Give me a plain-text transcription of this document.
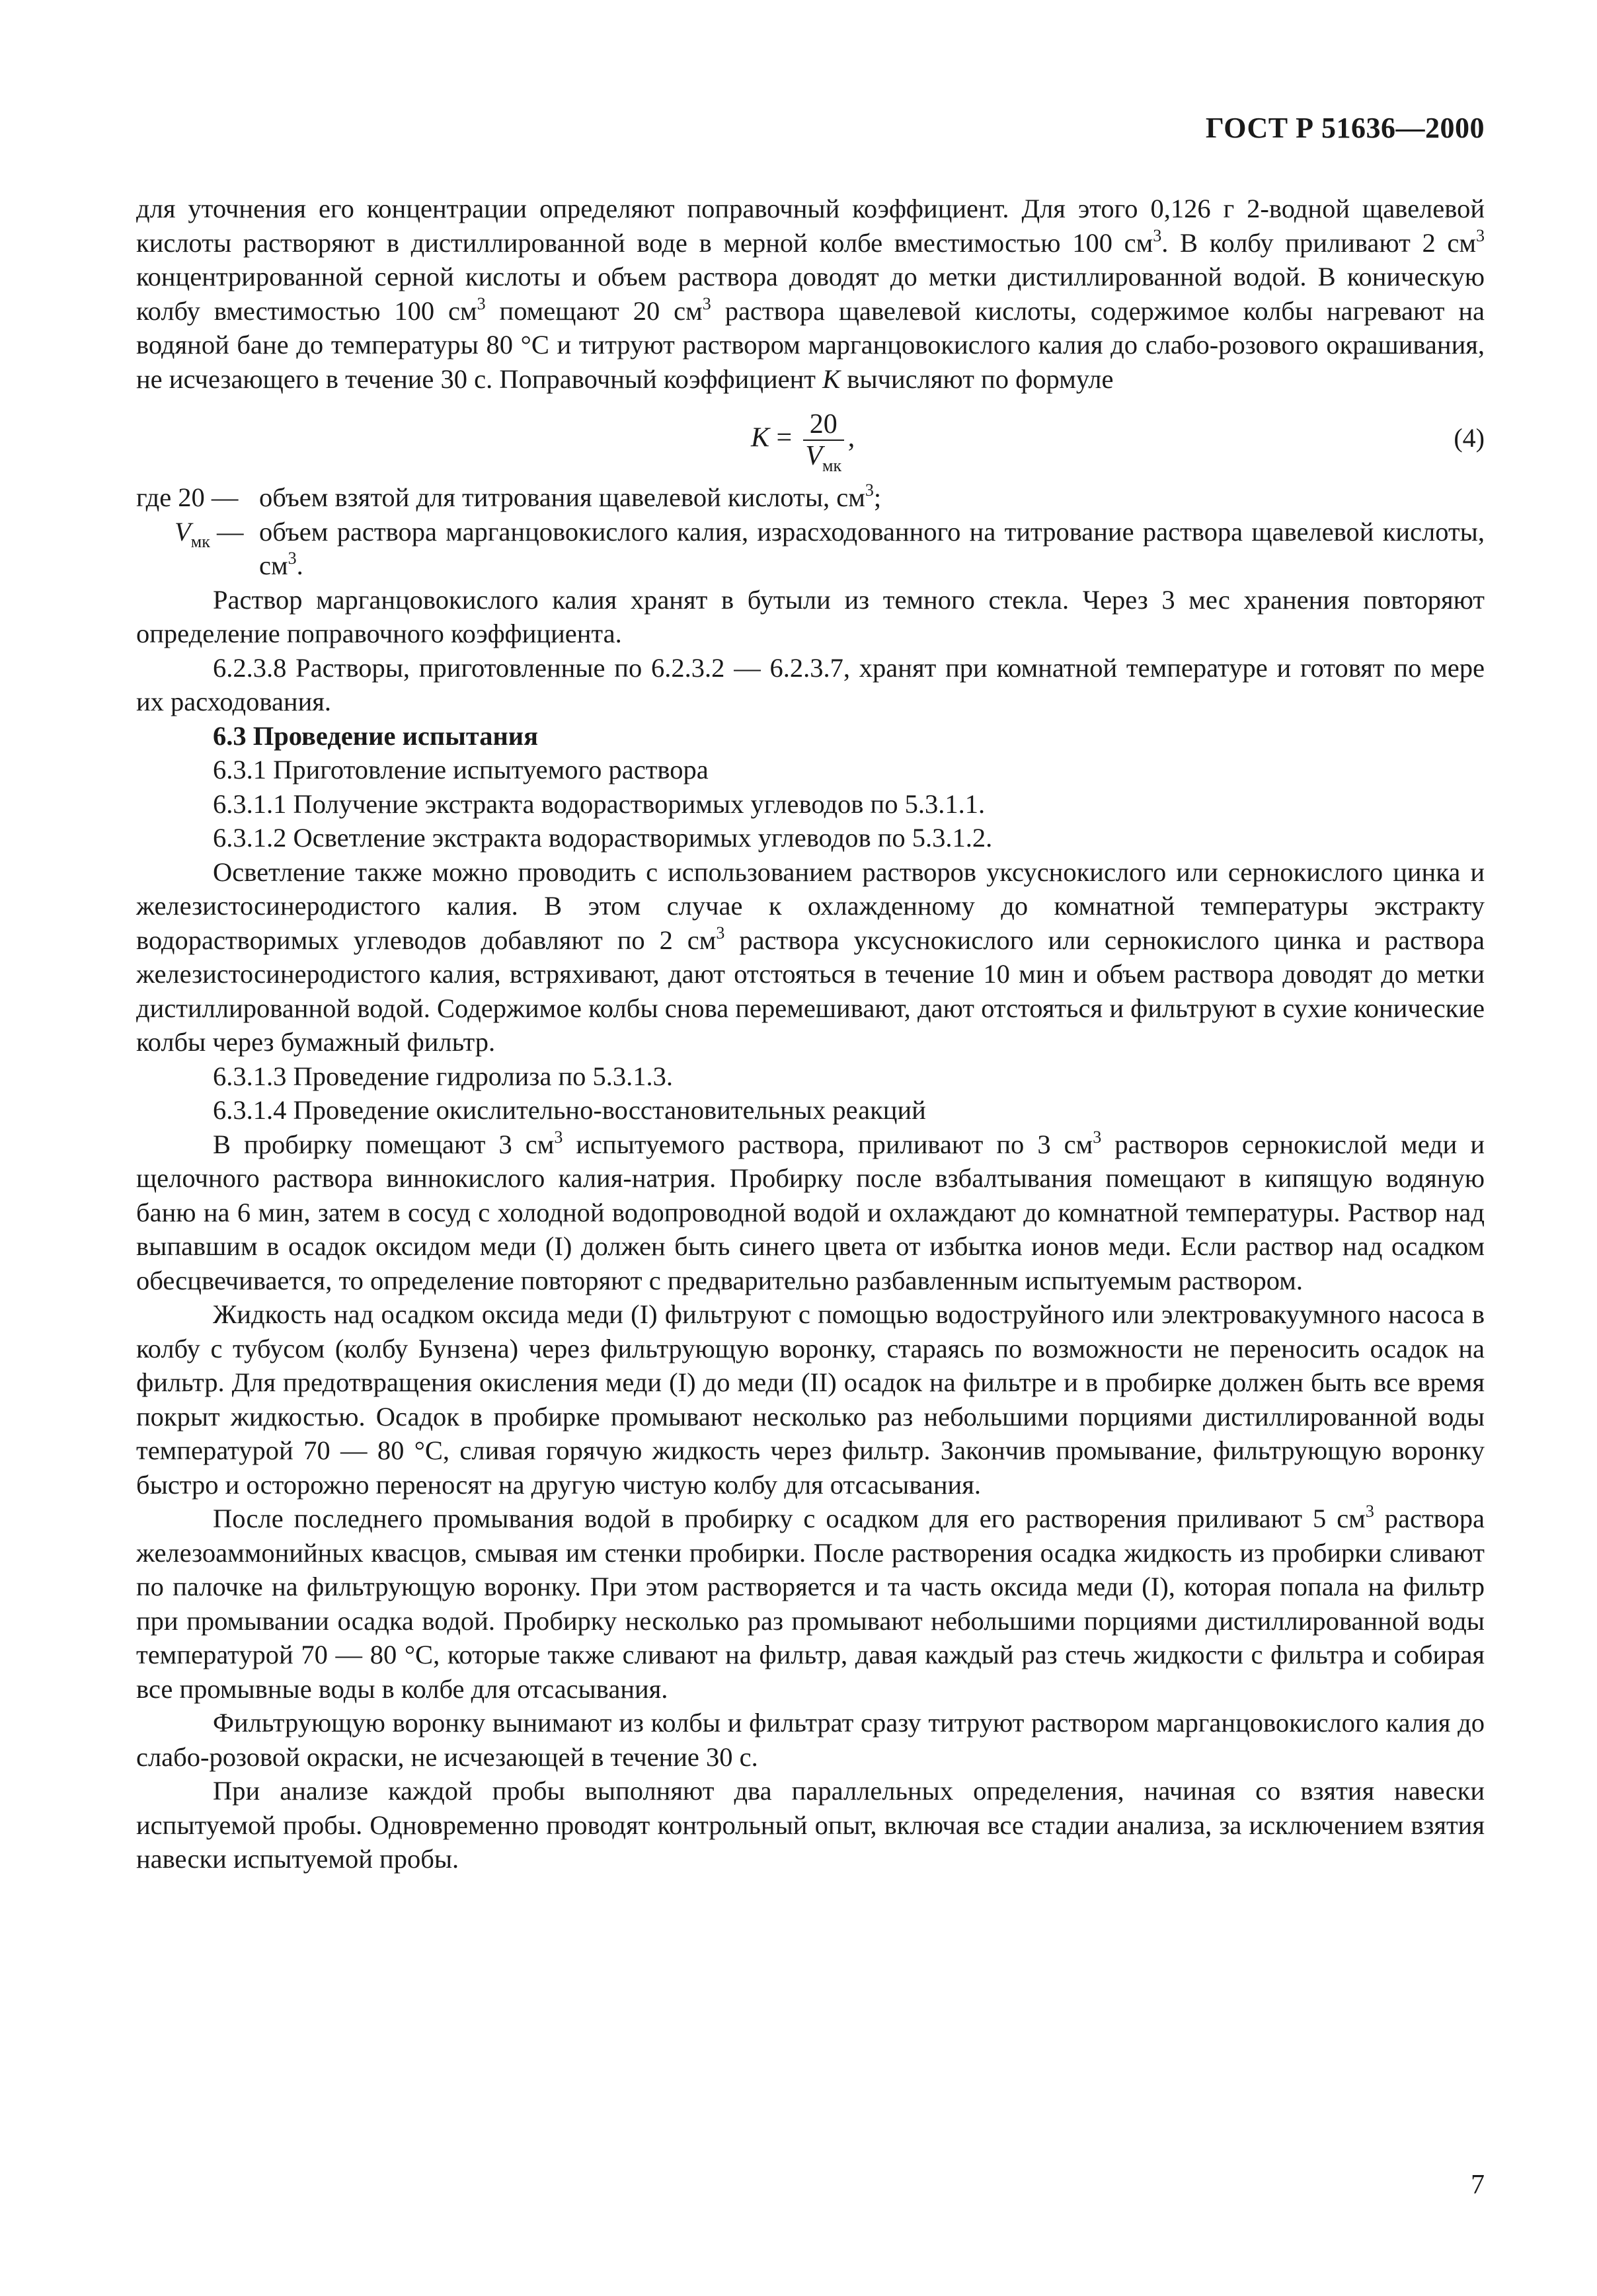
ГОСТ Р 51636—2000

для уточнения его концентрации определяют поправочный коэффициент. Для этого 0,126 г 2-водной щавелевой кислоты растворяют в дистиллированной воде в мерной колбе вместимостью 100 $см^3$. В колбу приливают 2 $см^3$ концентрированной серной кислоты и объем раствора доводят до метки дистиллированной водой. В коническую колбу вместимостью 100 $см^3$ помещают 20 $см^3$ раствора щавелевой кислоты, содержимое колбы нагревают на водяной бане до температуры 80 °С и титруют раствором марганцовокислого калия до слабо-розового окрашивания, не исчезающего в течение 30 с. Поправочный коэффициент K вычисляют по формуле

$K = \frac{20}{V_{мк}}$ ,	(4)
где 20 — объем взятой для титрования щавелевой кислоты, $см^3$;
$V_{мк}$ — объем раствора марганцовокислого калия, израсходованного на титрование раствора щавелевой кислоты, $см^3$.

Раствор марганцовокислого калия хранят в бутыли из темного стекла. Через 3 мес хранения повторяют определение поправочного коэффициента.

6.2.3.8 Растворы, приготовленные по 6.2.3.2 — 6.2.3.7, хранят при комнатной температуре и готовят по мере их расходования.

6.3 Проведение испытания

6.3.1 Приготовление испытуемого раствора

6.3.1.1 Получение экстракта водорастворимых углеводов по 5.3.1.1.

6.3.1.2 Осветление экстракта водорастворимых углеводов по 5.3.1.2.

Осветление также можно проводить с использованием растворов уксуснокислого или сернокислого цинка и железистосинеродистого калия. В этом случае к охлажденному до комнатной температуры экстракту водорастворимых углеводов добавляют по 2 $см^3$ раствора уксуснокислого или сернокислого цинка и раствора железистосинеродистого калия, встряхивают, дают отстояться в течение 10 мин и объем раствора доводят до метки дистиллированной водой. Содержимое колбы снова перемешивают, дают отстояться и фильтруют в сухие конические колбы через бумажный фильтр.

6.3.1.3 Проведение гидролиза по 5.3.1.3.

6.3.1.4 Проведение окислительно-восстановительных реакций

В пробирку помещают 3 $см^3$ испытуемого раствора, приливают по 3 $см^3$ растворов сернокислой меди и щелочного раствора виннокислого калия-натрия. Пробирку после взбалтывания помещают в кипящую водяную баню на 6 мин, затем в сосуд с холодной водопроводной водой и охлаждают до комнатной температуры. Раствор над выпавшим в осадок оксидом меди (I) должен быть синего цвета от избытка ионов меди. Если раствор над осадком обесцвечивается, то определение повторяют с предварительно разбавленным испытуемым раствором.

Жидкость над осадком оксида меди (I) фильтруют с помощью водоструйного или электровакуумного насоса в колбу с тубусом (колбу Бунзена) через фильтрующую воронку, стараясь по возможности не переносить осадок на фильтр. Для предотвращения окисления меди (I) до меди (II) осадок на фильтре и в пробирке должен быть все время покрыт жидкостью. Осадок в пробирке промывают несколько раз небольшими порциями дистиллированной воды температурой 70 — 80 °С, сливая горячую жидкость через фильтр. Закончив промывание, фильтрующую воронку быстро и осторожно переносят на другую чистую колбу для отсасывания.

После последнего промывания водой в пробирку с осадком для его растворения приливают 5 $см^3$ раствора железоаммонийных квасцов, смывая им стенки пробирки. После растворения осадка жидкость из пробирки сливают по палочке на фильтрующую воронку. При этом растворяется и та часть оксида меди (I), которая попала на фильтр при промывании осадка водой. Пробирку несколько раз промывают небольшими порциями дистиллированной воды температурой 70 — 80 °С, которые также сливают на фильтр, давая каждый раз стечь жидкости с фильтра и собирая все промывные воды в колбе для отсасывания.

Фильтрующую воронку вынимают из колбы и фильтрат сразу титруют раствором марганцовокислого калия до слабо-розовой окраски, не исчезающей в течение 30 с.

При анализе каждой пробы выполняют два параллельных определения, начиная со взятия навески испытуемой пробы. Одновременно проводят контрольный опыт, включая все стадии анализа, за исключением взятия навески испытуемой пробы.

7
